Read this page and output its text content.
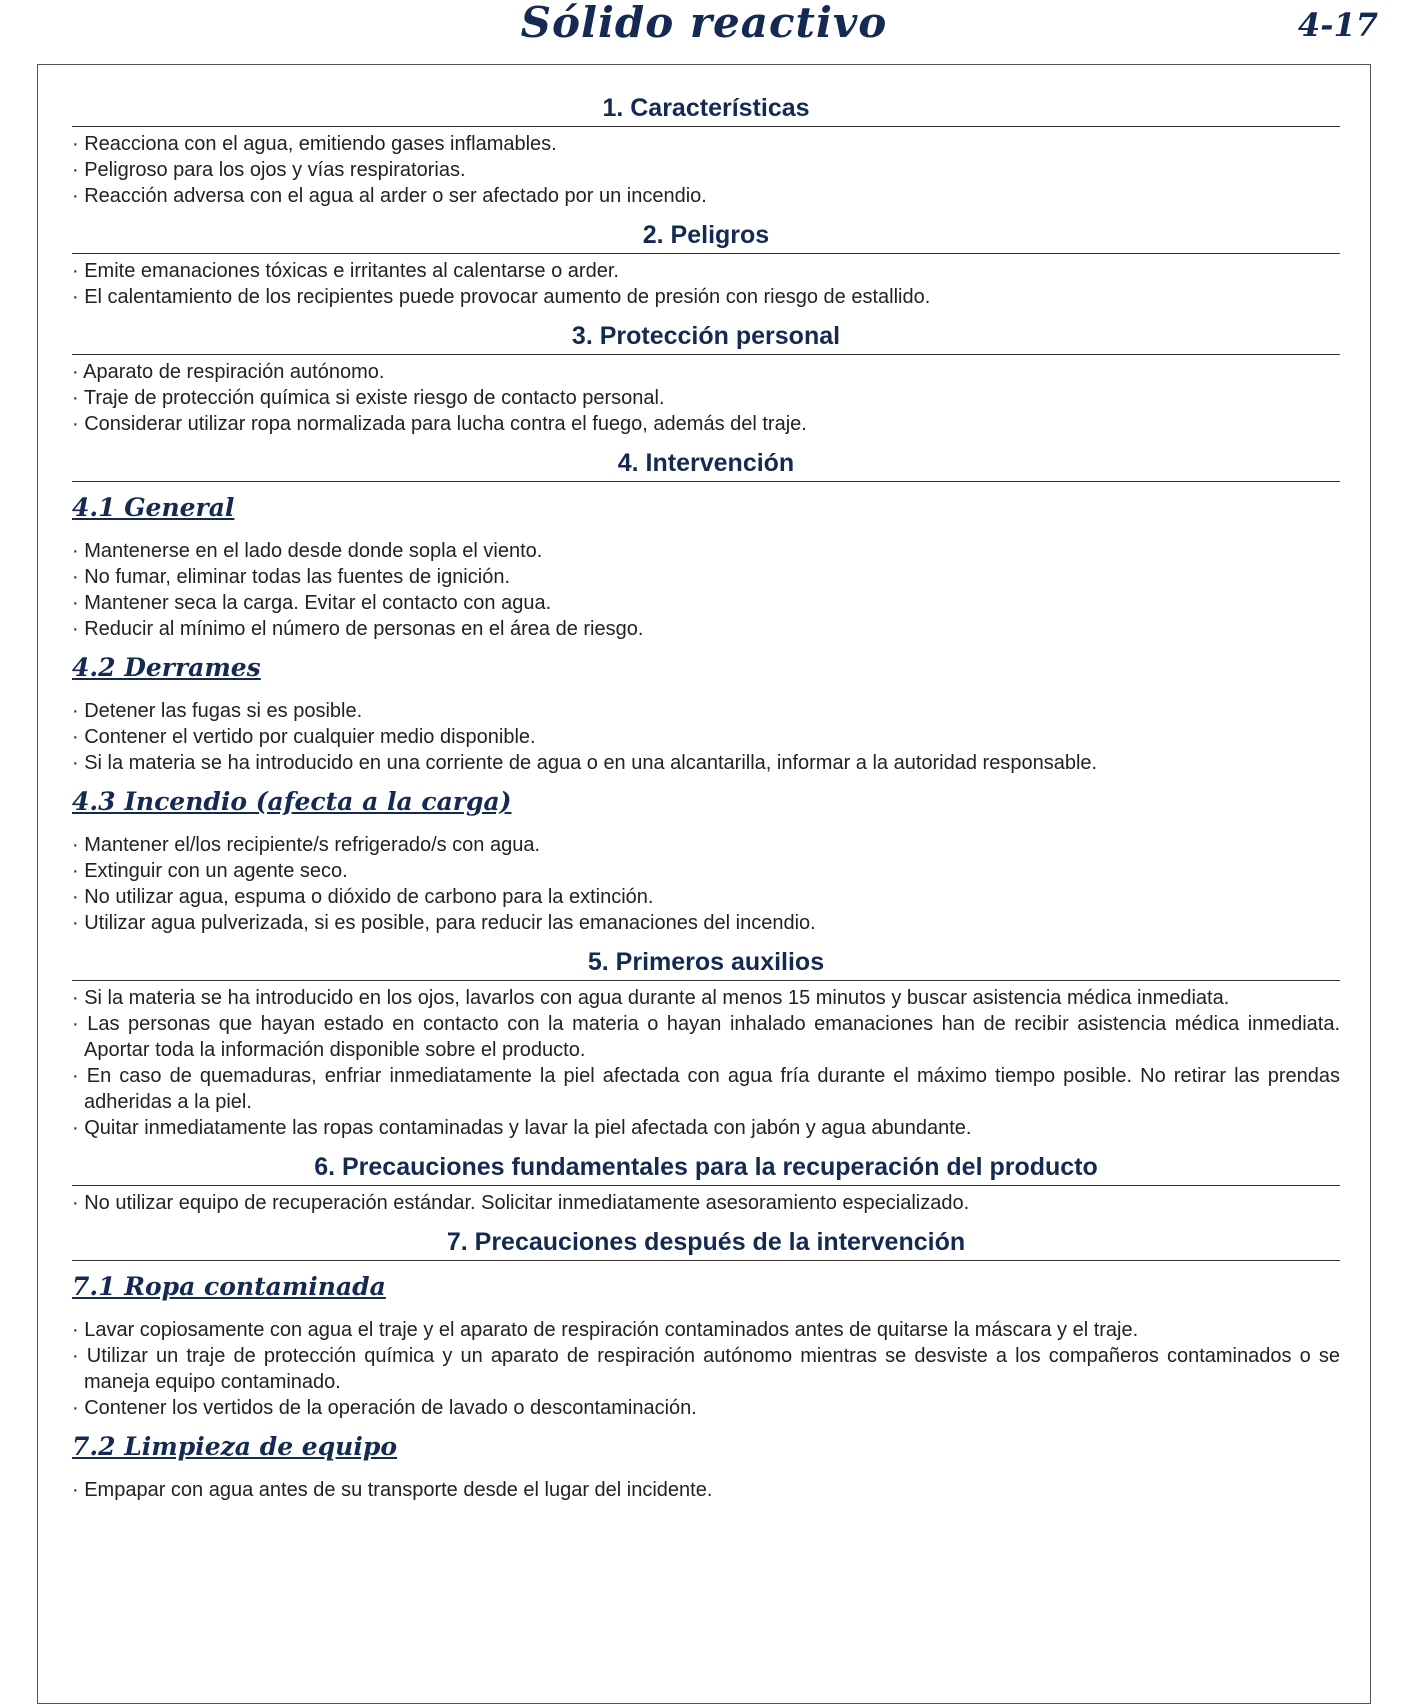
Sólido reactivo	4-17
1. Características
· Reacciona con el agua, emitiendo gases inflamables.
· Peligroso para los ojos y vías respiratorias.
· Reacción adversa con el agua al arder o ser afectado por un incendio.
2. Peligros
· Emite emanaciones tóxicas e irritantes al calentarse o arder.
· El calentamiento de los recipientes puede provocar aumento de presión con riesgo de estallido.
3. Protección personal
· Aparato de respiración autónomo.
· Traje de protección química si existe riesgo de contacto personal.
· Considerar utilizar ropa normalizada para lucha contra el fuego, además del traje.
4. Intervención
4.1 General
· Mantenerse en el lado desde donde sopla el viento.
· No fumar, eliminar todas las fuentes de ignición.
· Mantener seca la carga. Evitar el contacto con agua.
· Reducir al mínimo el número de personas en el área de riesgo.
4.2 Derrames
· Detener las fugas si es posible.
· Contener el vertido por cualquier medio disponible.
· Si la materia se ha introducido en una corriente de agua o en una alcantarilla, informar a la autoridad responsable.
4.3 Incendio (afecta a la carga)
· Mantener el/los recipiente/s refrigerado/s con agua.
· Extinguir con un agente seco.
· No utilizar agua, espuma o dióxido de carbono para la extinción.
· Utilizar agua pulverizada, si es posible, para reducir las emanaciones del incendio.
5. Primeros auxilios
· Si la materia se ha introducido en los ojos, lavarlos con agua durante al menos 15 minutos y buscar asistencia médica inmediata.
· Las personas que hayan estado en contacto con la materia o hayan inhalado emanaciones han de recibir asistencia médica inmediata. Aportar toda la información disponible sobre el producto.
· En caso de quemaduras, enfriar inmediatamente la piel afectada con agua fría durante el máximo tiempo posible. No retirar las prendas adheridas a la piel.
· Quitar inmediatamente las ropas contaminadas y lavar la piel afectada con jabón y agua abundante.
6. Precauciones fundamentales para la recuperación del producto
· No utilizar equipo de recuperación estándar. Solicitar inmediatamente asesoramiento especializado.
7. Precauciones después de la intervención
7.1 Ropa contaminada
· Lavar copiosamente con agua el traje y el aparato de respiración contaminados antes de quitarse la máscara y el traje.
· Utilizar un traje de protección química y un aparato de respiración autónomo mientras se desviste a los compañeros contaminados o se maneja equipo contaminado.
· Contener los vertidos de la operación de lavado o descontaminación.
7.2 Limpieza de equipo
· Empapar con agua antes de su transporte desde el lugar del incidente.
